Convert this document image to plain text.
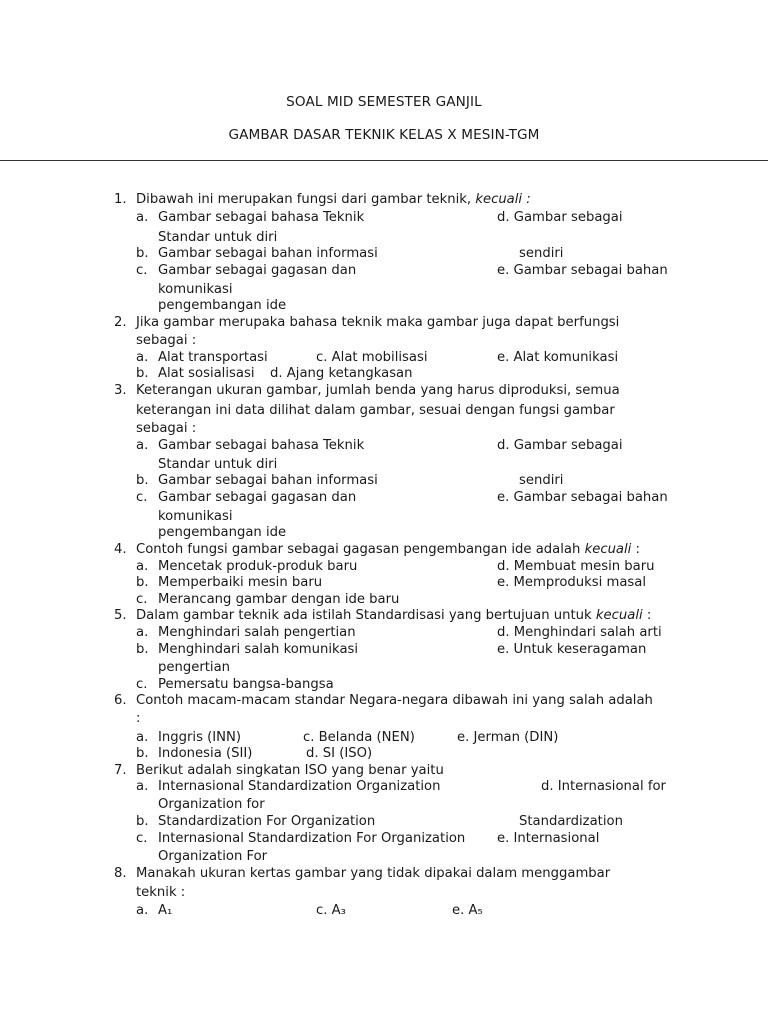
SOAL MID SEMESTER GANJIL
GAMBAR DASAR TEKNIK KELAS X MESIN-TGM
1. Dibawah ini merupakan fungsi dari gambar teknik, kecuali :
a. Gambar sebagai bahasa Teknik	d. Gambar sebagai
Standar untuk diri
b. Gambar sebagai bahan informasi	sendiri
c. Gambar sebagai gagasan dan	e. Gambar sebagai bahan
komunikasi
pengembangan ide
2. Jika gambar merupaka bahasa teknik maka gambar juga dapat berfungsi
sebagai :
a. Alat transportasi	c. Alat mobilisasi	e. Alat komunikasi
b. Alat sosialisasi d. Ajang ketangkasan
3. Keterangan ukuran gambar, jumlah benda yang harus diproduksi, semua
keterangan ini data dilihat dalam gambar, sesuai dengan fungsi gambar
sebagai :
a. Gambar sebagai bahasa Teknik	d. Gambar sebagai
Standar untuk diri
b. Gambar sebagai bahan informasi	sendiri
c. Gambar sebagai gagasan dan	e. Gambar sebagai bahan
komunikasi
pengembangan ide
4. Contoh fungsi gambar sebagai gagasan pengembangan ide adalah kecuali :
a. Mencetak produk-produk baru	d. Membuat mesin baru
b. Memperbaiki mesin baru	e. Memproduksi masal
c. Merancang gambar dengan ide baru
5. Dalam gambar teknik ada istilah Standardisasi yang bertujuan untuk kecuali :
a. Menghindari salah pengertian	d. Menghindari salah arti
b. Menghindari salah komunikasi	e. Untuk keseragaman
pengertian
c. Pemersatu bangsa-bangsa
6. Contoh macam-macam standar Negara-negara dibawah ini yang salah adalah
:
a. Inggris (INN)	c. Belanda (NEN)	e. Jerman (DIN)
b. Indonesia (SII)	d. SI (ISO)
7. Berikut adalah singkatan ISO yang benar yaitu
a. Internasional Standardization Organization	d. Internasional for
Organization for
b. Standardization For Organization	Standardization
c. Internasional Standardization For Organization e. Internasional
Organization For
8. Manakah ukuran kertas gambar yang tidak dipakai dalam menggambar
teknik :
a. A₁	c. A₃	e. A₅
